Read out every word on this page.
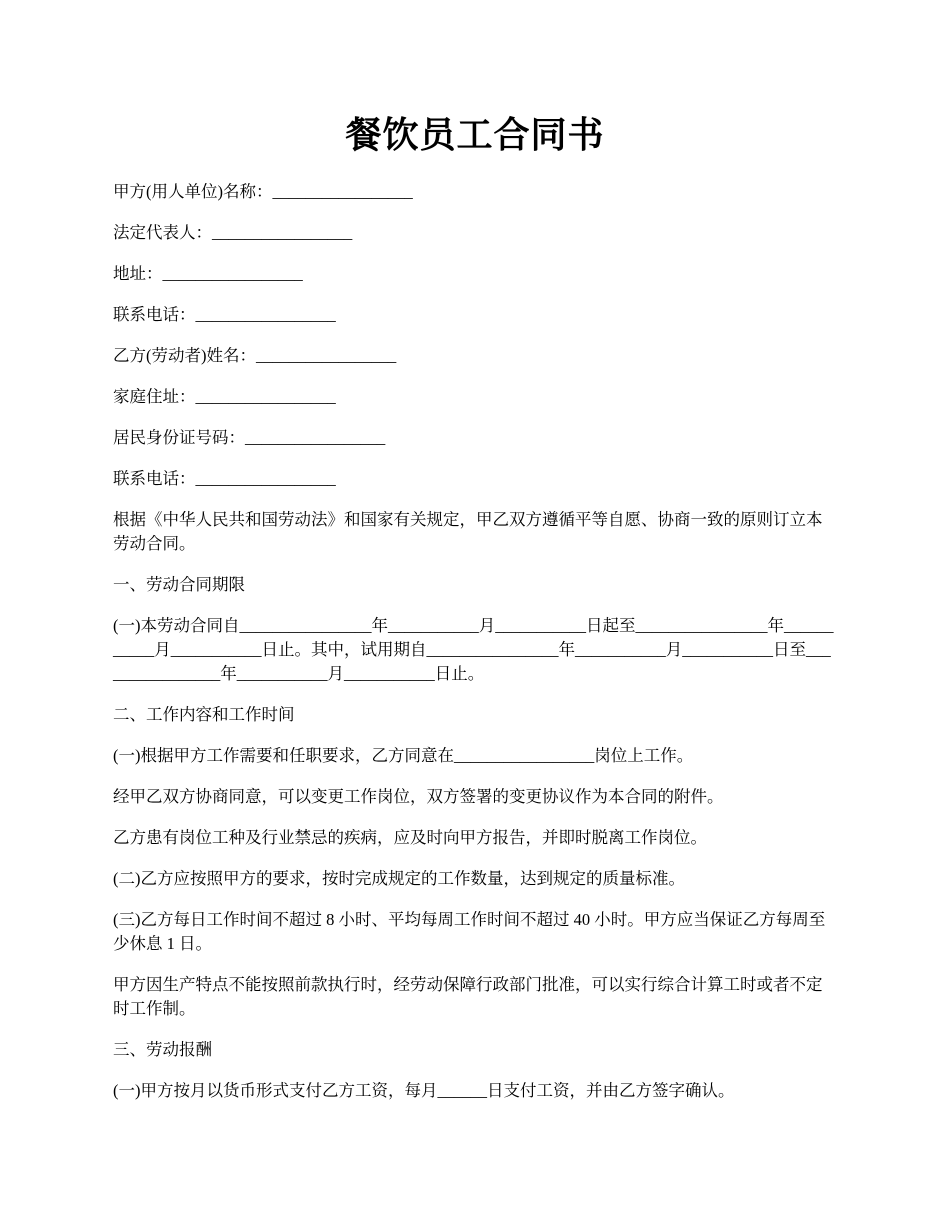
餐饮员工合同书

甲方(用人单位)名称：_________________

法定代表人：_________________

地址：_________________

联系电话：_________________

乙方(劳动者)姓名：_________________

家庭住址：_________________

居民身份证号码：_________________

联系电话：_________________

根据《中华人民共和国劳动法》和国家有关规定，甲乙双方遵循平等自愿、协商一致的原则订立本劳动合同。

一、劳动合同期限

(一)本劳动合同自________________年___________月___________日起至________________年___________月___________日止。其中，试用期自________________年___________月___________日至________________年___________月___________日止。

二、工作内容和工作时间

(一)根据甲方工作需要和任职要求，乙方同意在_________________岗位上工作。

经甲乙双方协商同意，可以变更工作岗位，双方签署的变更协议作为本合同的附件。

乙方患有岗位工种及行业禁忌的疾病，应及时向甲方报告，并即时脱离工作岗位。

(二)乙方应按照甲方的要求，按时完成规定的工作数量，达到规定的质量标准。

(三)乙方每日工作时间不超过 8 小时、平均每周工作时间不超过 40 小时。甲方应当保证乙方每周至少休息 1 日。

甲方因生产特点不能按照前款执行时，经劳动保障行政部门批准，可以实行综合计算工时或者不定时工作制。

三、劳动报酬

(一)甲方按月以货币形式支付乙方工资，每月______日支付工资，并由乙方签字确认。
